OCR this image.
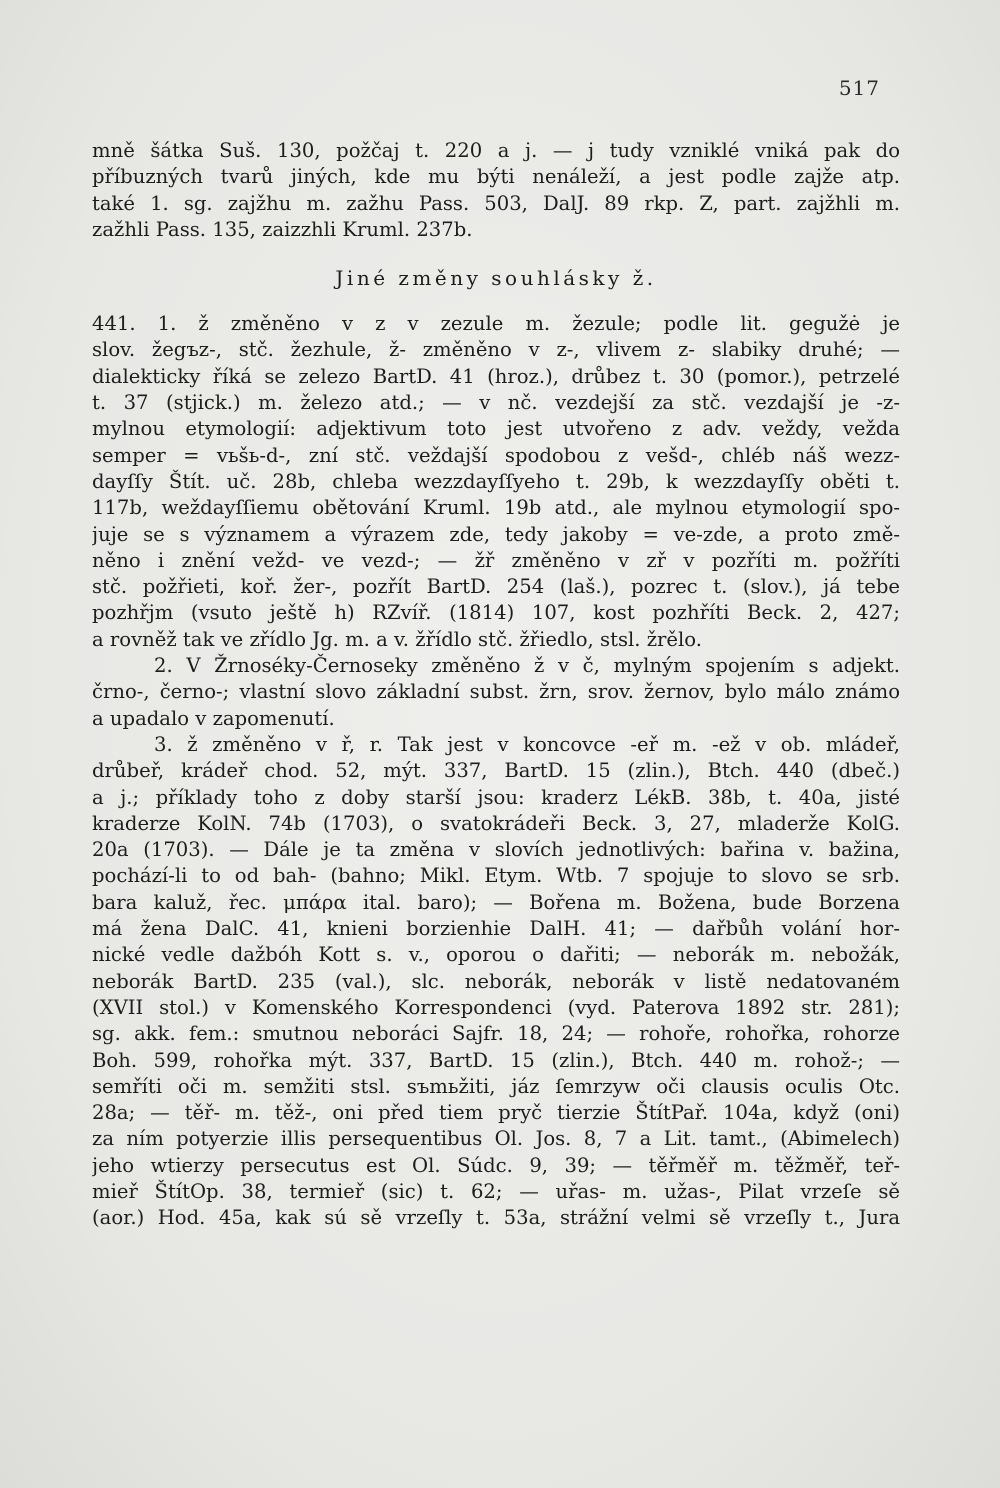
517
mně šátka Suš. 130, požčaj t. 220 a j. — j tudy vzniklé vniká pak do
příbuzných tvarů jiných, kde mu býti nenáleží, a jest podle zajže atp.
také 1. sg. zajžhu m. zažhu Pass. 503, DalJ. 89 rkp. Z, part. zajžhli m.
zažhli Pass. 135, zaizzhli Kruml. 237b.
Jiné změny souhlásky ž.
441. 1. ž změněno v z v zezule m. žezule; podle lit. gegužė je
slov. žegъz-, stč. žezhule, ž- změněno v z-, vlivem z- slabiky druhé; —
dialekticky říká se zelezo BartD. 41 (hroz.), drůbez t. 30 (pomor.), petrzelé
t. 37 (stjick.) m. železo atd.; — v nč. vezdejší za stč. vezdajší je -z-
mylnou etymologií: adjektivum toto jest utvořeno z adv. veždy, vežda
semper = vьšь-d-, zní stč. veždajší spodobou z vešd-, chléb náš wezz-
dayſſy Štít. uč. 28b, chleba wezzdayſſyeho t. 29b, k wezzdayſſy oběti t.
117b, weždayſſiemu obětování Kruml. 19b atd., ale mylnou etymologií spo-
juje se s významem a výrazem zde, tedy jakoby = ve-zde, a proto změ-
něno i znění vežd- ve vezd-; — žř změněno v zř v pozříti m. požříti
stč. požřieti, koř. žer-, pozřít BartD. 254 (laš.), pozrec t. (slov.), já tebe
pozhřjm (vsuto ještě h) RZvíř. (1814) 107, kost pozhříti Beck. 2, 427;
a rovněž tak ve zřídlo Jg. m. a v. žřídlo stč. žřiedlo, stsl. žrělo.
2. V Žrnoséky-Černoseky změněno ž v č, mylným spojením s adjekt.
črno-, černo-; vlastní slovo základní subst. žrn, srov. žernov, bylo málo známo
a upadalo v zapomenutí.
3. ž změněno v ř, r. Tak jest v koncovce -eř m. -ež v ob. mládeř,
drůbeř, krádeř chod. 52, mýt. 337, BartD. 15 (zlin.), Btch. 440 (dbeč.)
a j.; příklady toho z doby starší jsou: kraderz LékB. 38b, t. 40a, jisté
kraderze KolN. 74b (1703), o svatokrádeři Beck. 3, 27, mladerže KolG.
20a (1703). — Dále je ta změna v slovích jednotlivých: bařina v. bažina,
pochází-li to od bah- (bahno; Mikl. Etym. Wtb. 7 spojuje to slovo se srb.
bara kaluž, řec. μπάρα ital. baro); — Bořena m. Božena, bude Borzena
má žena DalC. 41, knieni borzienhie DalH. 41; — dařbůh volání hor-
nické vedle dažbóh Kott s. v., oporou o dařiti; — neborák m. nebožák,
neborák BartD. 235 (val.), slc. neborák, neborák v listě nedatovaném
(XVII stol.) v Komenského Korrespondenci (vyd. Paterova 1892 str. 281);
sg. akk. fem.: smutnou neboráci Sajfr. 18, 24; — rohoře, rohořka, rohorze
Boh. 599, rohořka mýt. 337, BartD. 15 (zlin.), Btch. 440 m. rohož-; —
semříti oči m. semžiti stsl. sъmьžiti, jáz ſemrzyw oči clausis oculis Otc.
28a; — těř- m. těž-, oni před tiem pryč tierzie ŠtítPař. 104a, když (oni)
za ním potyerzie illis persequentibus Ol. Jos. 8, 7 a Lit. tamt., (Abimelech)
jeho wtierzy persecutus est Ol. Súdc. 9, 39; — těřměř m. těžměř, teř-
mieř ŠtítOp. 38, termieř (sic) t. 62; — uřas- m. užas-, Pilat vrzeſe sě
(aor.) Hod. 45a, kak sú sě vrzeſly t. 53a, strážní velmi sě vrzeſly t., Jura
